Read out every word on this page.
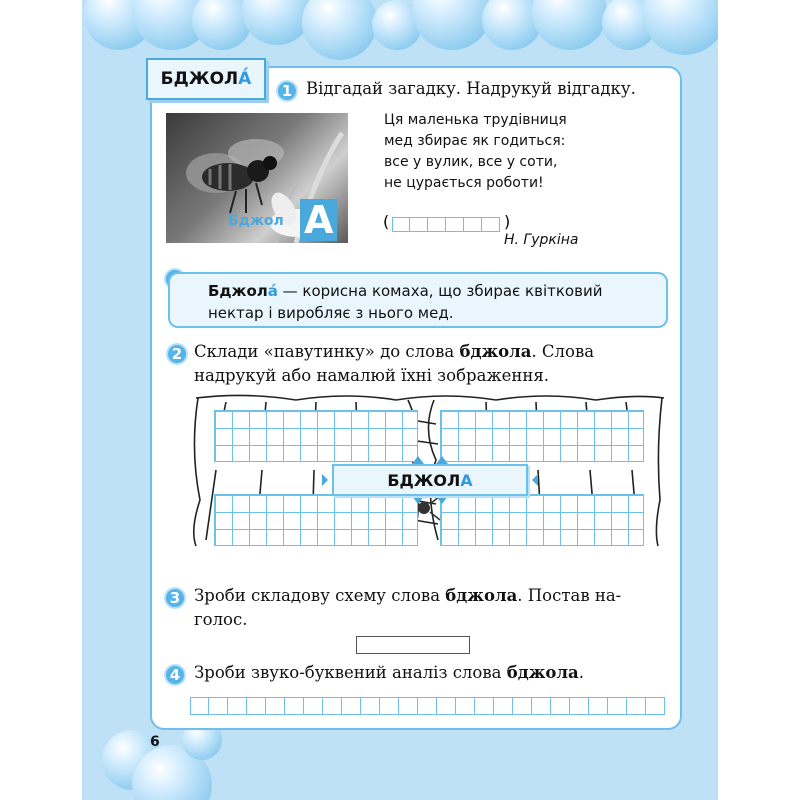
БДЖОЛ А́
1 Відгадай загадку. Надрукуй відгадку.
Бджол А
Ця маленька трудівниця
мед збирає як годиться:
все у вулик, все у соти,
не цурається роботи!
(	)
Н. Гуркіна
Бджола́ — корисна комаха, що збирає квітковий
нектар і виробляє з нього мед.
2 Склади «павутинку» до слова бджола. Слова
надрукуй або намалюй їхні зображення.
БДЖОЛ А
3 Зроби складову схему слова бджола. Постав на-
голос.
4 Зроби звуко-буквений аналіз слова бджола.
6
